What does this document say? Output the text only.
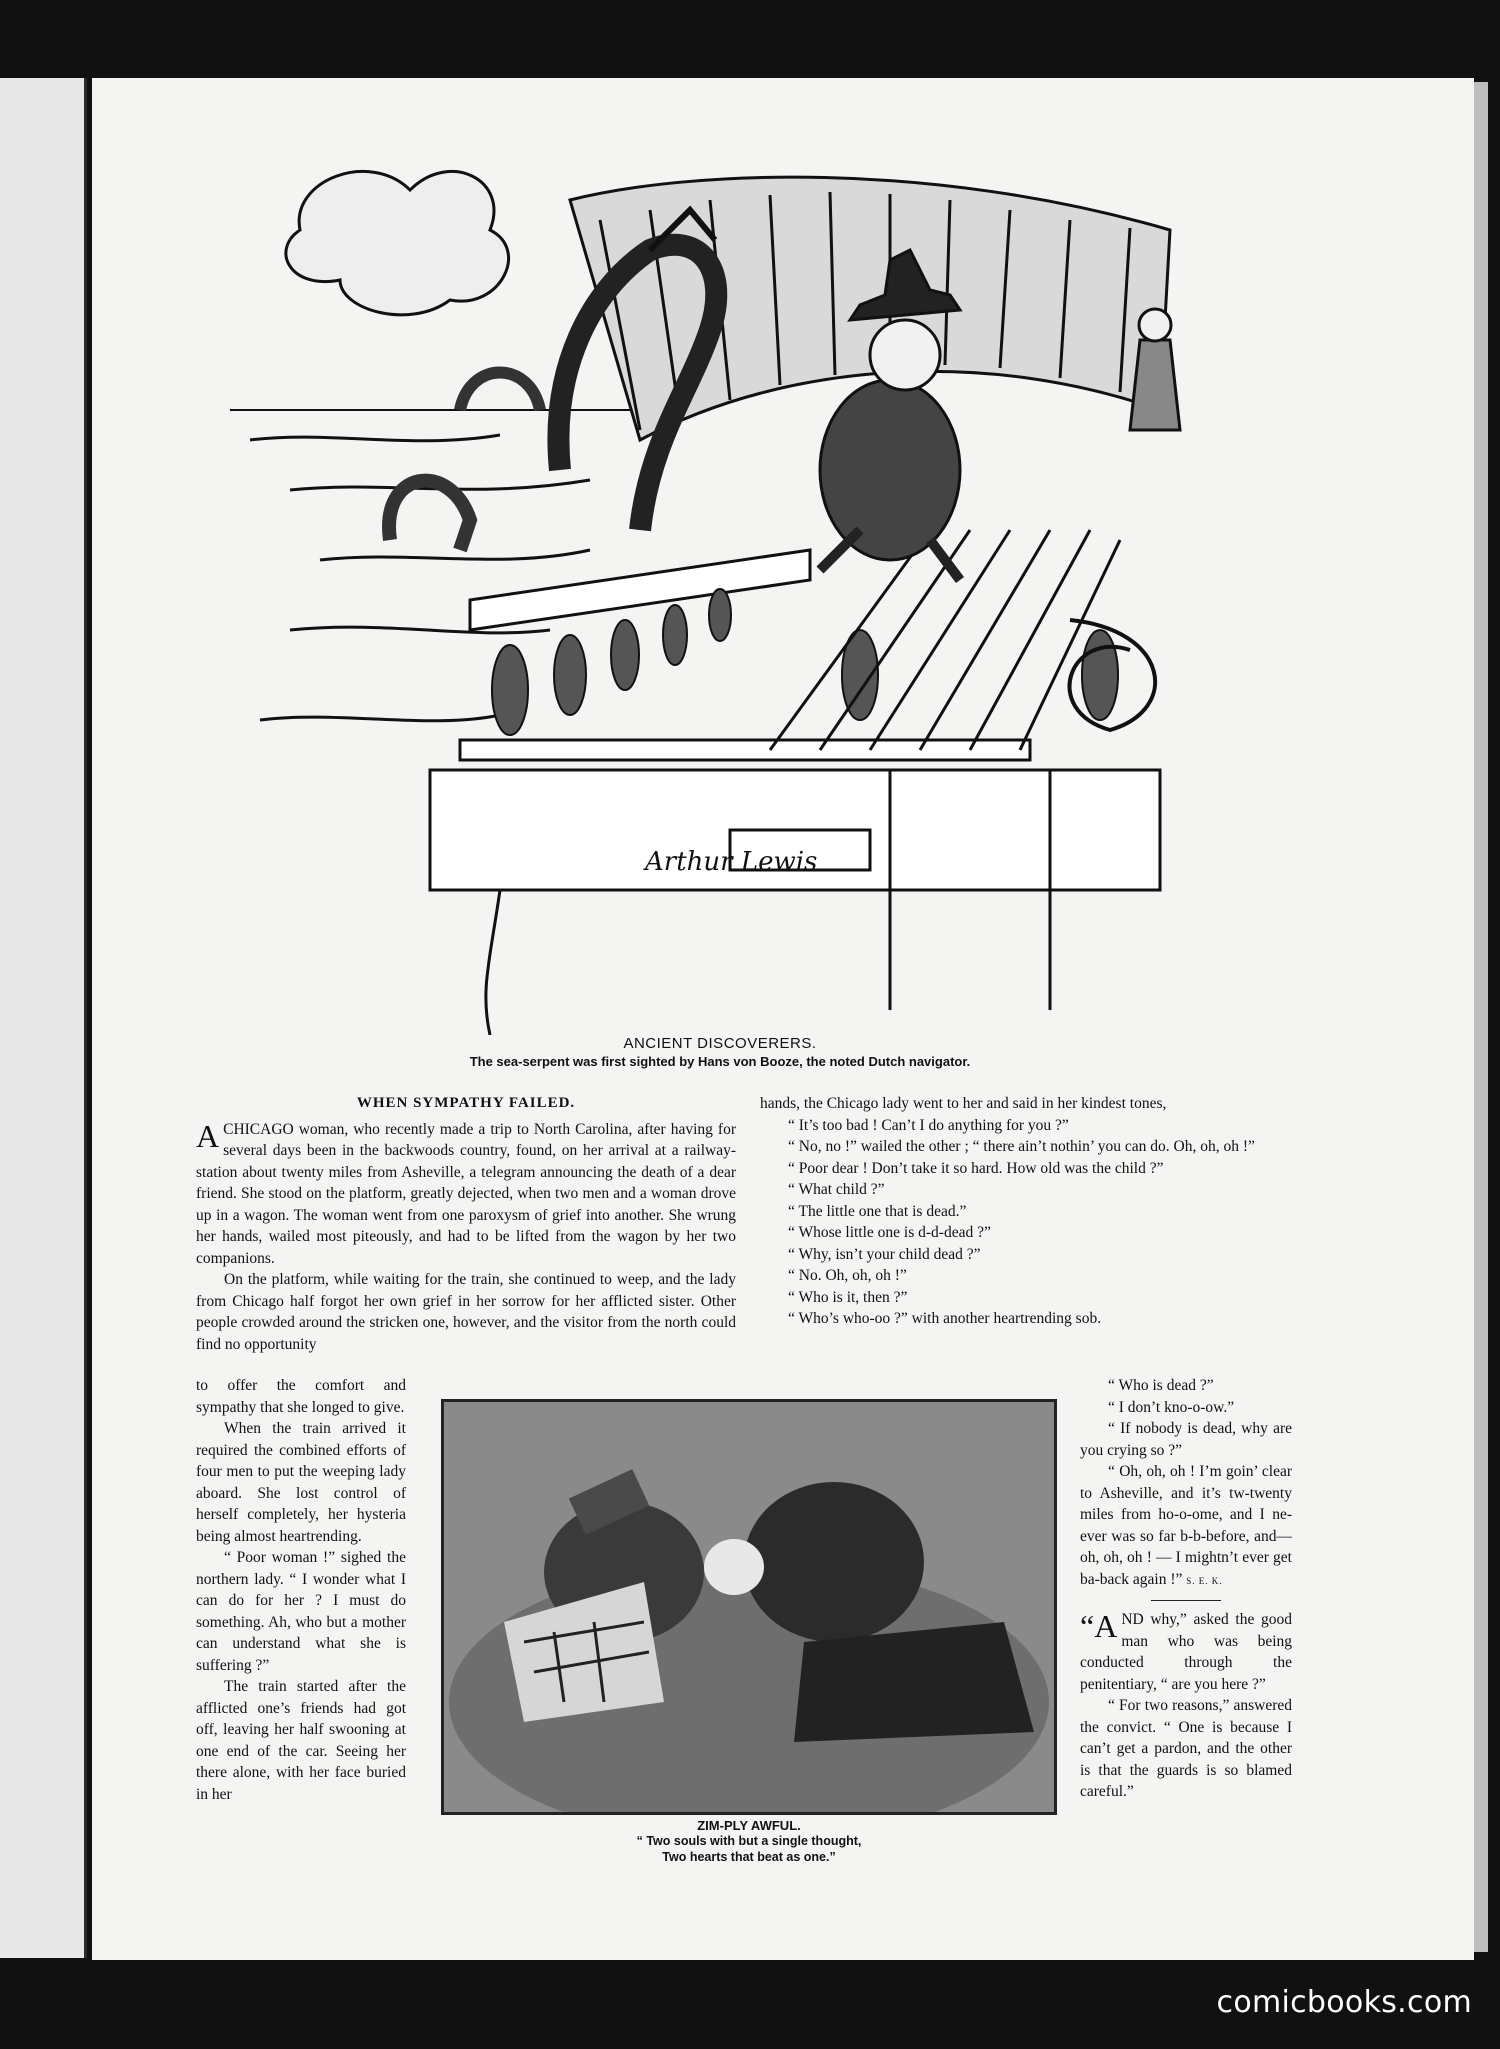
Arthur Lewis
ANCIENT DISCOVERERS.
The sea-serpent was first sighted by Hans von Booze, the noted Dutch navigator.
WHEN SYMPATHY FAILED.

A CHICAGO woman, who recently made a trip to North Carolina, after having for several days been in the backwoods country, found, on her arrival at a railway-station about twenty miles from Asheville, a telegram announcing the death of a dear friend. She stood on the platform, greatly dejected, when two men and a woman drove up in a wagon. The woman went from one paroxysm of grief into another. She wrung her hands, wailed most piteously, and had to be lifted from the wagon by her two companions.

On the platform, while waiting for the train, she continued to weep, and the lady from Chicago half forgot her own grief in her sorrow for her afflicted sister. Other people crowded around the stricken one, however, and the visitor from the north could find no opportunity

to offer the comfort and sympathy that she longed to give.

When the train arrived it required the combined efforts of four men to put the weeping lady aboard. She lost control of herself completely, her hysteria being almost heartrending.

“ Poor woman !” sighed the northern lady. “ I wonder what I can do for her ? I must do something. Ah, who but a mother can understand what she is suffering ?”

The train started after the afflicted one’s friends had got off, leaving her half swooning at one end of the car. Seeing her there alone, with her face buried in her

hands, the Chicago lady went to her and said in her kindest tones,

“ It’s too bad ! Can’t I do anything for you ?”

“ No, no !” wailed the other ; “ there ain’t nothin’ you can do. Oh, oh, oh !”

“ Poor dear ! Don’t take it so hard. How old was the child ?”

“ What child ?”

“ The little one that is dead.”

“ Whose little one is d-d-dead ?”

“ Why, isn’t your child dead ?”

“ No. Oh, oh, oh !”

“ Who is it, then ?”

“ Who’s who-oo ?” with another heartrending sob.

“ Who is dead ?”

“ I don’t kno-o-ow.”

“ If nobody is dead, why are you crying so ?”

“ Oh, oh, oh ! I’m goin’ clear to Asheville, and it’s tw-twenty miles from ho-o-ome, and I ne-ever was so far b-b-before, and—oh, oh, oh ! — I mightn’t ever get ba-back again !” S. E. K.

“AND why,” asked the good man who was being conducted through the penitentiary, “ are you here ?”

“ For two reasons,” answered the convict. “ One is because I can’t get a pardon, and the other is that the guards is so blamed careful.”

ZIM-PLY AWFUL.
“ Two souls with but a single thought,
Two hearts that beat as one.”
comicbooks.com
